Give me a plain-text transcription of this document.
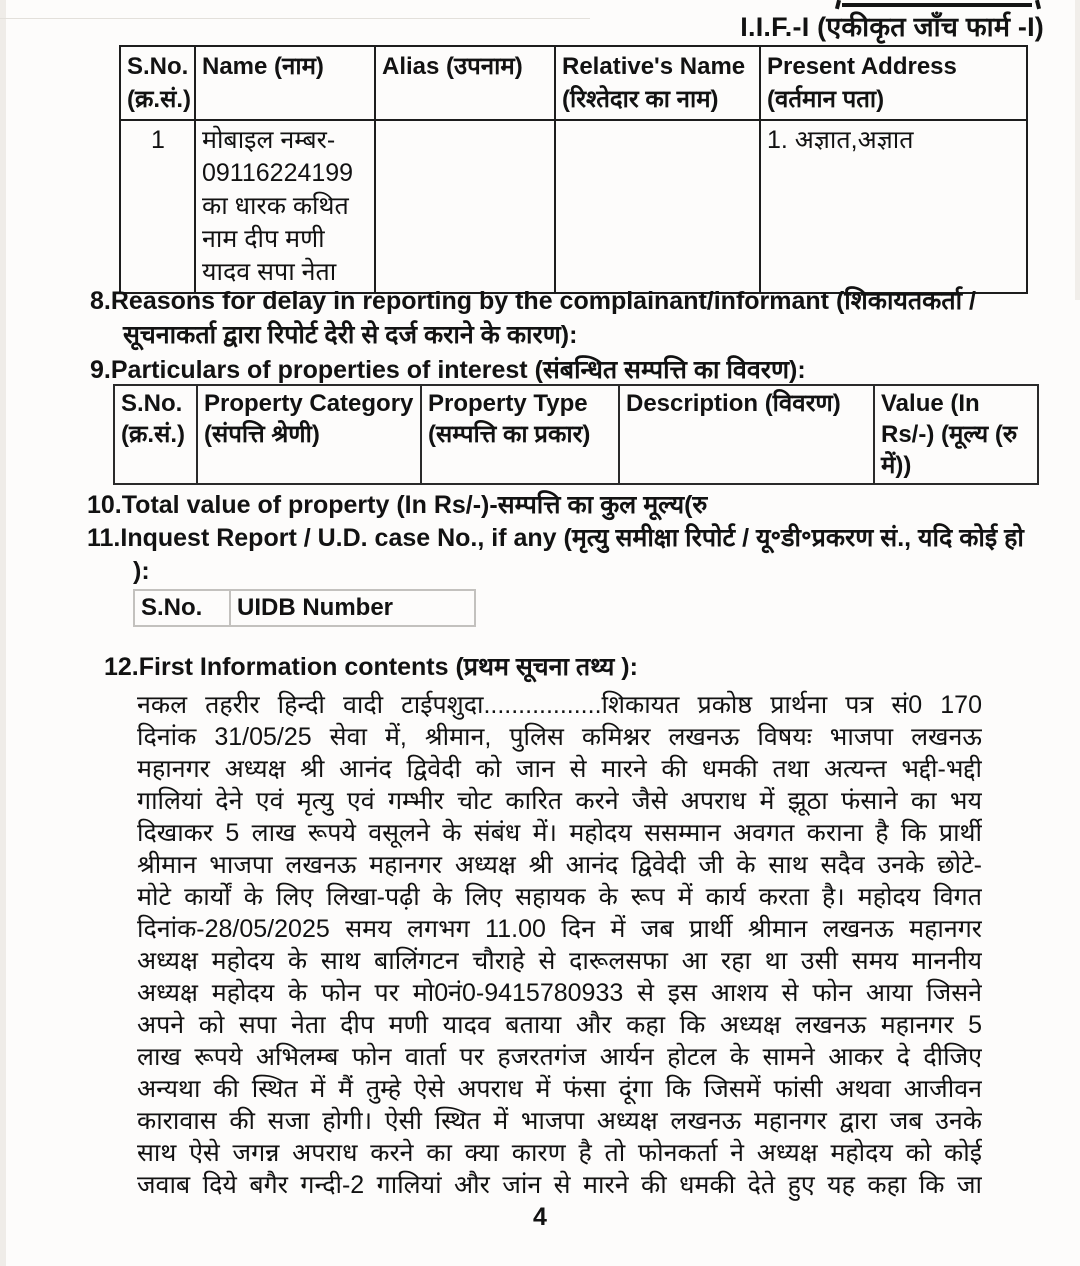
I.I.F.-I (एकीकृत जाँच फार्म -I)
S.No. (क्र.सं.)	Name (नाम)	Alias (उपनाम)	Relative's Name (रिश्तेदार का नाम)	Present Address (वर्तमान पता)
1	मोबाइल नम्बर- 09116224199 का धारक कथित नाम दीप मणी यादव सपा नेता			1. अज्ञात,अज्ञात
8.Reasons for delay in reporting by the complainant/informant (शिकायतकर्ता / सूचनाकर्ता द्वारा रिपोर्ट देरी से दर्ज कराने के कारण):
9.Particulars of properties of interest (संबन्धित सम्पत्ति का विवरण):
S.No. (क्र.सं.)	Property Category (संपत्ति श्रेणी)	Property Type (सम्पत्ति का प्रकार)	Description (विवरण)	Value (In Rs/-) (मूल्य (रु में))
10.Total value of property (In Rs/-)-सम्पत्ति का कुल मूल्य(रु
11.Inquest Report / U.D. case No., if any (मृत्यु समीक्षा रिपोर्ट / यू॰डी॰प्रकरण सं., यदि कोई हो ):
S.No.	UIDB Number
12.First Information contents (प्रथम सूचना तथ्य ):
नकल तहरीर हिन्दी वादी टाईपशुदा.................शिकायत प्रकोष्ठ प्रार्थना पत्र सं0 170
दिनांक 31/05/25 सेवा में, श्रीमान, पुलिस कमिश्नर लखनऊ विषयः भाजपा लखनऊ
महानगर अध्यक्ष श्री आनंद द्विवेदी को जान से मारने की धमकी तथा अत्यन्त भद्दी-भद्दी
गालियां देने एवं मृत्यु एवं गम्भीर चोट कारित करने जैसे अपराध में झूठा फंसाने का भय
दिखाकर 5 लाख रूपये वसूलने के संबंध में। महोदय ससम्मान अवगत कराना है कि प्रार्थी
श्रीमान भाजपा लखनऊ महानगर अध्यक्ष श्री आनंद द्विवेदी जी के साथ सदैव उनके छोटे-
मोटे कार्यों के लिए लिखा-पढ़ी के लिए सहायक के रूप में कार्य करता है। महोदय विगत
दिनांक-28/05/2025 समय लगभग 11.00 दिन में जब प्रार्थी श्रीमान लखनऊ महानगर
अध्यक्ष महोदय के साथ बालिंगटन चौराहे से दारूलसफा आ रहा था उसी समय माननीय
अध्यक्ष महोदय के फोन पर मो0नं0-9415780933 से इस आशय से फोन आया जिसने
अपने को सपा नेता दीप मणी यादव बताया और कहा कि अध्यक्ष लखनऊ महानगर 5
लाख रूपये अभिलम्ब फोन वार्ता पर हजरतगंज आर्यन होटल के सामने आकर दे दीजिए
अन्यथा की स्थित में मैं तुम्हे ऐसे अपराध में फंसा दूंगा कि जिसमें फांसी अथवा आजीवन
कारावास की सजा होगी। ऐसी स्थित में भाजपा अध्यक्ष लखनऊ महानगर द्वारा जब उनके
साथ ऐसे जगन्न अपराध करने का क्या कारण है तो फोनकर्ता ने अध्यक्ष महोदय को कोई
जवाब दिये बगैर गन्दी-2 गालियां और जांन से मारने की धमकी देते हुए यह कहा कि जा
4
